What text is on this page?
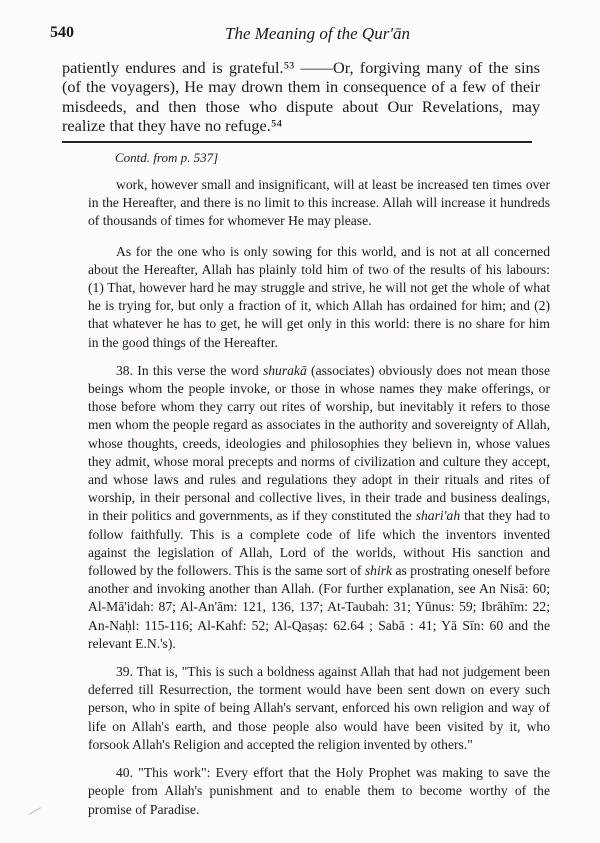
540	The Meaning of the Qur'ān

patiently endures and is grateful.⁵³ ——Or, forgiving many of the sins (of the voyagers), He may drown them in consequence of a few of their misdeeds, and then those who dispute about Our Revelations, may realize that they have no refuge.⁵⁴

Contd. from p. 537]

work, however small and insignificant, will at least be increased ten times over in the Hereafter, and there is no limit to this increase. Allah will increase it hundreds of thousands of times for whomever He may please.

As for the one who is only sowing for this world, and is not at all concerned about the Hereafter, Allah has plainly told him of two of the results of his labours: (1) That, however hard he may struggle and strive, he will not get the whole of what he is trying for, but only a fraction of it, which Allah has ordained for him; and (2) that whatever he has to get, he will get only in this world: there is no share for him in the good things of the Hereafter.

38. In this verse the word shurakā (associates) obviously does not mean those beings whom the people invoke, or those in whose names they make offerings, or those before whom they carry out rites of worship, but inevitably it refers to those men whom the people regard as associates in the authority and sovereignty of Allah, whose thoughts, creeds, ideologies and philosophies they believn in, whose values they admit, whose moral precepts and norms of civilization and culture they accept, and whose laws and rules and regulations they adopt in their rituals and rites of worship, in their personal and collective lives, in their trade and business dealings, in their politics and governments, as if they constituted the shari'ah that they had to follow faithfully. This is a complete code of life which the inventors invented against the legislation of Allah, Lord of the worlds, without His sanction and followed by the followers. This is the same sort of shirk as prostrating oneself before another and invoking another than Allah. (For further explanation, see An Nisā: 60; Al-Mā'idah: 87; Al-An'ām: 121, 136, 137; At-Taubah: 31; Yūnus: 59; Ibrāhīm: 22; An-Naḥl: 115-116; Al-Kahf: 52; Al-Qaṣaṣ: 62.64 ; Sabā : 41; Yā Sīn: 60 and the relevant E.N.'s).

39. That is, "This is such a boldness against Allah that had not judgement been deferred till Resurrection, the torment would have been sent down on every such person, who in spite of being Allah's servant, enforced his own religion and way of life on Allah's earth, and those people also would have been visited by it, who forsook Allah's Religion and accepted the religion invented by others."

40. "This work": Every effort that the Holy Prophet was making to save the people from Allah's punishment and to enable them to become worthy of the promise of Paradise.
